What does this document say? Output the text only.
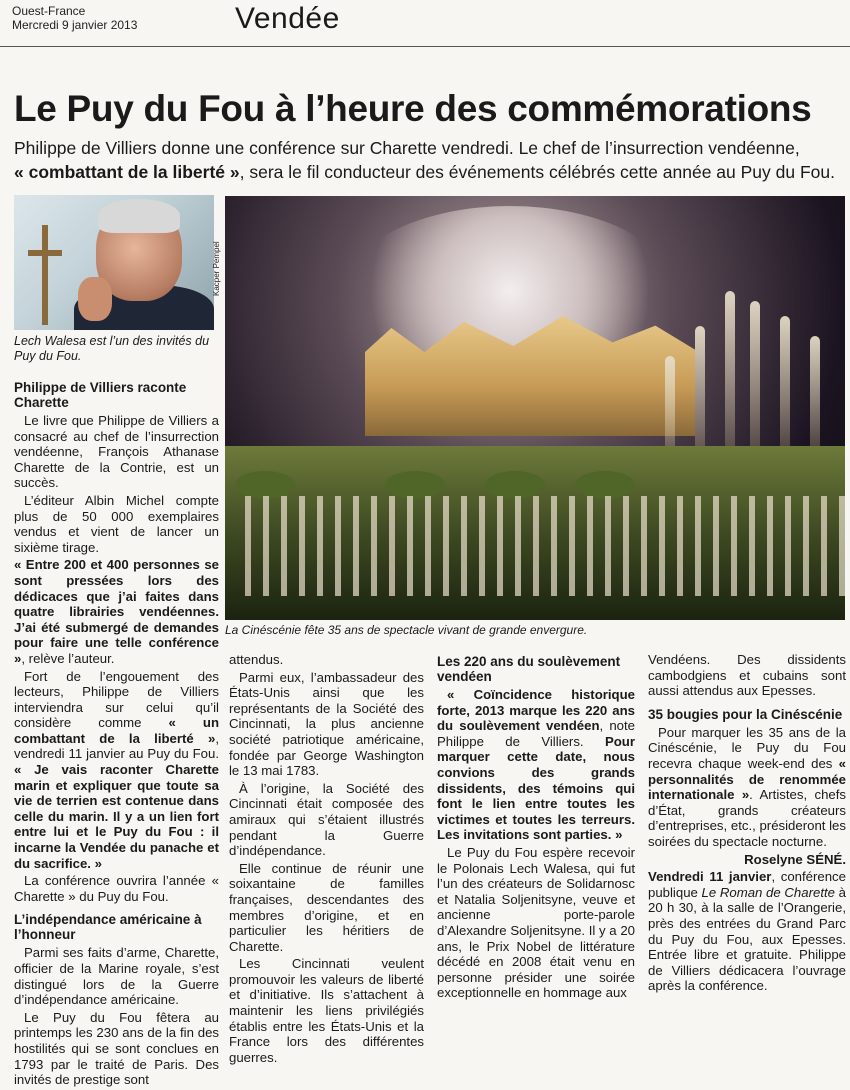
Ouest-France
Mercredi 9 janvier 2013	Vendée
Le Puy du Fou à l’heure des commémorations
Philippe de Villiers donne une conférence sur Charette vendredi. Le chef de l’insurrection vendéenne,
« combattant de la liberté », sera le fil conducteur des événements célébrés cette année au Puy du Fou.
Lech Walesa est l’un des invités du Puy du Fou.
Kacper Pempel
La Cinéscénie fête 35 ans de spectacle vivant de grande envergure.
Philippe de Villiers raconte Charette

Le livre que Philippe de Villiers a consacré au chef de l’insurrection vendéenne, François Athanase Charette de la Contrie, est un succès.

L’éditeur Albin Michel compte plus de 50 000 exemplaires vendus et vient de lancer un sixième tirage.

« Entre 200 et 400 personnes se sont pressées lors des dédicaces que j’ai faites dans quatre librairies vendéennes. J’ai été submergé de demandes pour faire une telle conférence », relève l’auteur.

Fort de l’engouement des lecteurs, Philippe de Villiers interviendra sur celui qu’il considère comme « un combattant de la liberté », vendredi 11 janvier au Puy du Fou. « Je vais raconter Charette marin et expliquer que toute sa vie de terrien est contenue dans celle du marin. Il y a un lien fort entre lui et le Puy du Fou : il incarne la Vendée du panache et du sacrifice. »

La conférence ouvrira l’année « Charette » du Puy du Fou.

L’indépendance américaine à l’honneur

Parmi ses faits d’arme, Charette, officier de la Marine royale, s’est distingué lors de la Guerre d’indépendance américaine.

Le Puy du Fou fêtera au printemps les 230 ans de la fin des hostilités qui se sont conclues en 1793 par le traité de Paris. Des invités de prestige sont

attendus.

Parmi eux, l’ambassadeur des États-Unis ainsi que les représentants de la Société des Cincinnati, la plus ancienne société patriotique américaine, fondée par George Washington le 13 mai 1783.

À l’origine, la Société des Cincinnati était composée des amiraux qui s’étaient illustrés pendant la Guerre d’indépendance.

Elle continue de réunir une soixantaine de familles françaises, descendantes des membres d’origine, et en particulier les héritiers de Charette.

Les Cincinnati veulent promouvoir les valeurs de liberté et d’initiative. Ils s’attachent à maintenir les liens privilégiés établis entre les États-Unis et la France lors des différentes guerres.

Les 220 ans du soulèvement vendéen

« Coïncidence historique forte, 2013 marque les 220 ans du soulèvement vendéen, note Philippe de Villiers. Pour marquer cette date, nous convions des grands dissidents, des témoins qui font le lien entre toutes les victimes et toutes les terreurs. Les invitations sont parties. »

Le Puy du Fou espère recevoir le Polonais Lech Walesa, qui fut l’un des créateurs de Solidarnosc et Natalia Soljenitsyne, veuve et ancienne porte-parole d’Alexandre Soljenitsyne. Il y a 20 ans, le Prix Nobel de littérature décédé en 2008 était venu en personne présider une soirée exceptionnelle en hommage aux

Vendéens. Des dissidents cambodgiens et cubains sont aussi attendus aux Epesses.

35 bougies pour la Cinéscénie

Pour marquer les 35 ans de la Cinéscénie, le Puy du Fou recevra chaque week-end des « personnalités de renommée internationale ». Artistes, chefs d’État, grands créateurs d’entreprises, etc., présideront les soirées du spectacle nocturne.

Roselyne SÉNÉ.

Vendredi 11 janvier, conférence publique Le Roman de Charette à 20 h 30, à la salle de l’Orangerie, près des entrées du Grand Parc du Puy du Fou, aux Epesses. Entrée libre et gratuite. Philippe de Villiers dédicacera l’ouvrage après la conférence.
